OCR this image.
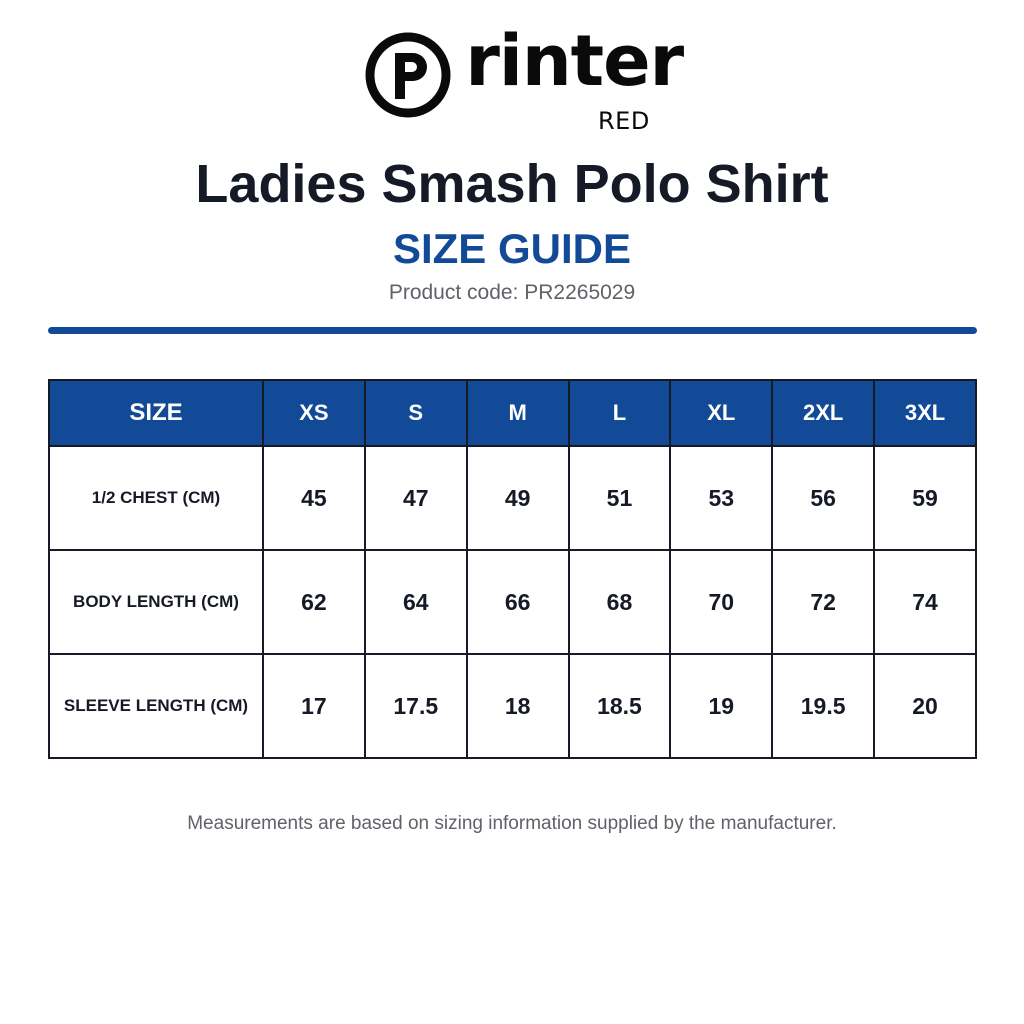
rinter
RED
Ladies Smash Polo Shirt
SIZE GUIDE
Product code: PR2265029
SIZE	XS	S	M	L	XL	2XL	3XL
1/2 CHEST (CM)	45	47	49	51	53	56	59
BODY LENGTH (CM)	62	64	66	68	70	72	74
SLEEVE LENGTH (CM)	17	17.5	18	18.5	19	19.5	20
Measurements are based on sizing information supplied by the manufacturer.
